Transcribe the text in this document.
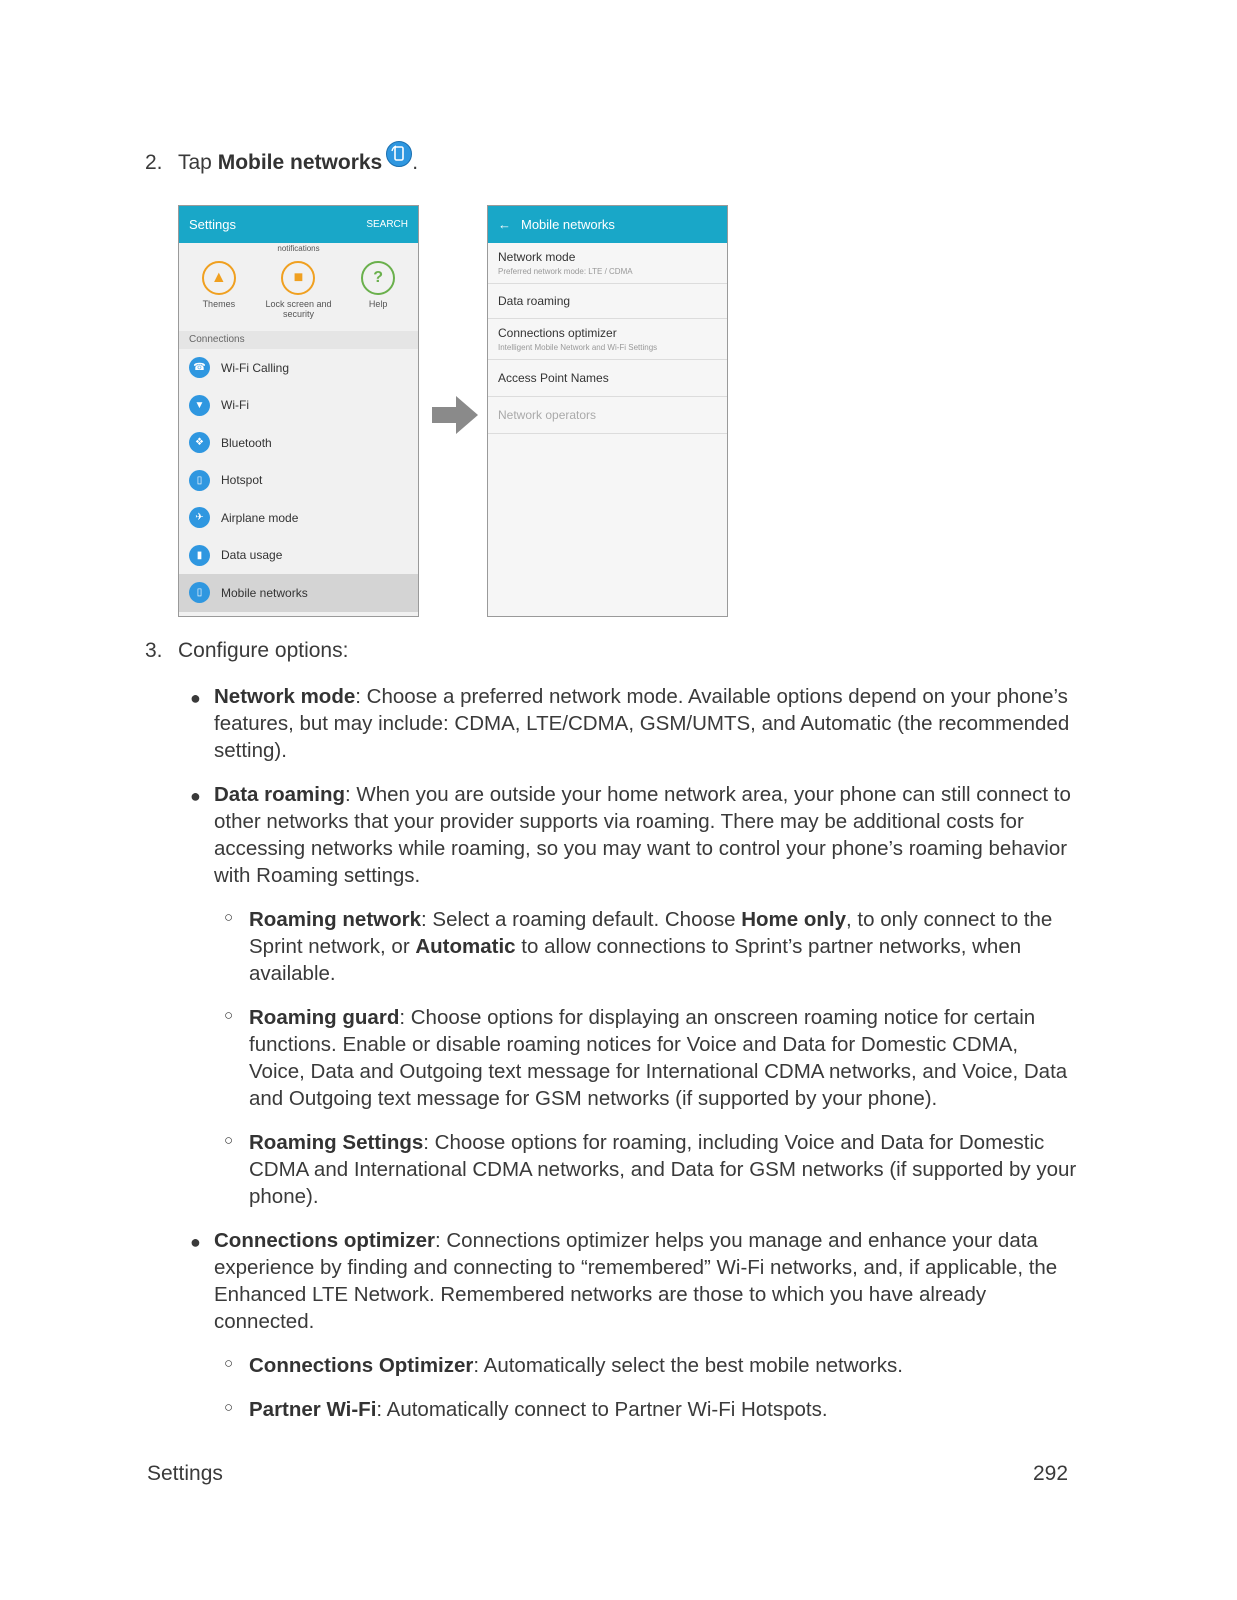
2. Tap Mobile networks .
Settings	SEARCH
notifications
▲
Themes
■
Lock screen and security
?
Help
Connections
☎	Wi-Fi Calling
▼	Wi-Fi
❖	Bluetooth
▯	Hotspot
✈	Airplane mode
▮	Data usage
▯	Mobile networks
← Mobile networks
Network mode
Preferred network mode: LTE / CDMA
Data roaming
Connections optimizer
Intelligent Mobile Network and Wi-Fi Settings
Access Point Names
Network operators
3. Configure options:
● Network mode: Choose a preferred network mode. Available options depend on your phone’s features, but may include: CDMA, LTE/CDMA, GSM/UMTS, and Automatic (the recommended setting).
● Data roaming: When you are outside your home network area, your phone can still connect to other networks that your provider supports via roaming. There may be additional costs for accessing networks while roaming, so you may want to control your phone’s roaming behavior with Roaming settings.
○ Roaming network: Select a roaming default. Choose Home only, to only connect to the Sprint network, or Automatic to allow connections to Sprint’s partner networks, when available.
○ Roaming guard: Choose options for displaying an onscreen roaming notice for certain functions. Enable or disable roaming notices for Voice and Data for Domestic CDMA, Voice, Data and Outgoing text message for International CDMA networks, and Voice, Data and Outgoing text message for GSM networks (if supported by your phone).
○ Roaming Settings: Choose options for roaming, including Voice and Data for Domestic CDMA and International CDMA networks, and Data for GSM networks (if supported by your phone).
● Connections optimizer: Connections optimizer helps you manage and enhance your data experience by finding and connecting to “remembered” Wi-Fi networks, and, if applicable, the Enhanced LTE Network. Remembered networks are those to which you have already connected.
○ Connections Optimizer: Automatically select the best mobile networks.
○ Partner Wi-Fi: Automatically connect to Partner Wi-Fi Hotspots.
Settings	292
